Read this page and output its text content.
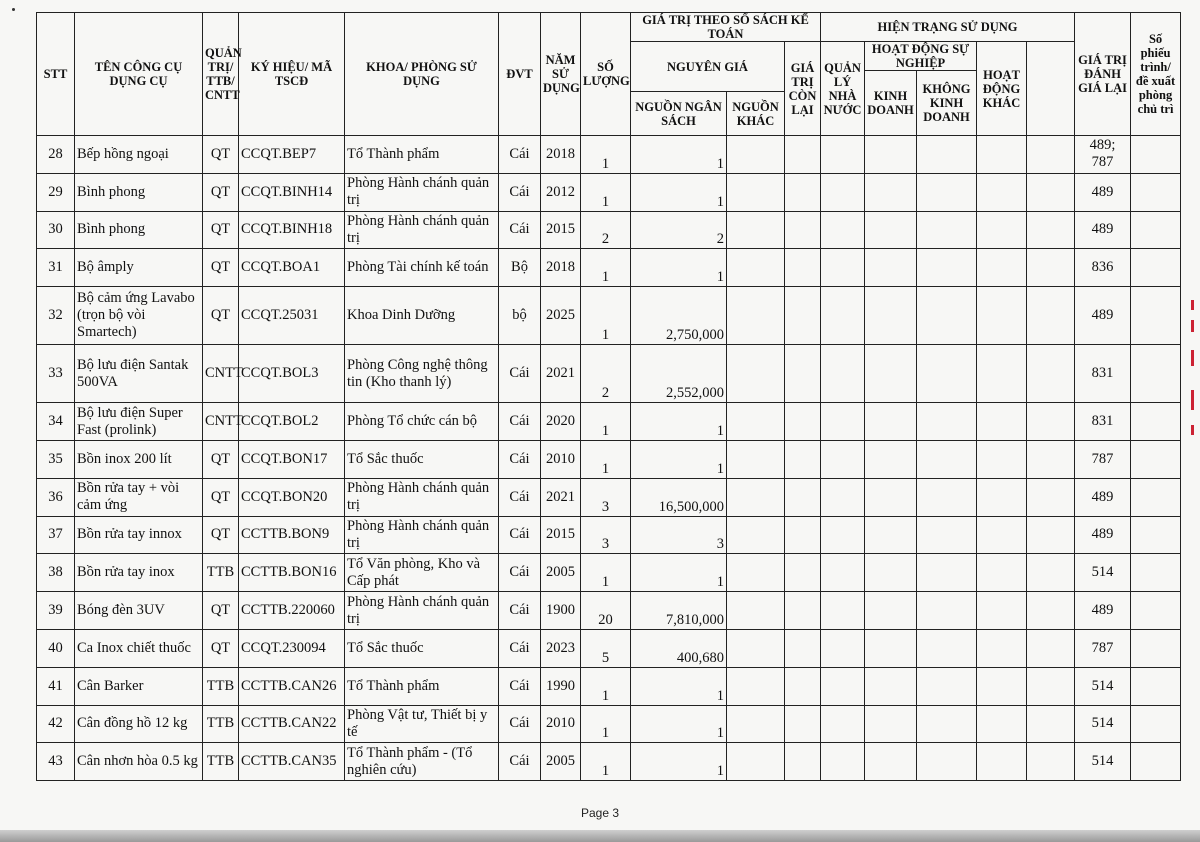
STT	TÊN CÔNG CỤ DỤNG CỤ	QUẢN TRỊ/ TTB/ CNTT	KÝ HIỆU/ MÃ TSCĐ	KHOA/ PHÒNG SỬ DỤNG	ĐVT	NĂM SỬ DỤNG	SỐ LƯỢNG	GIÁ TRỊ THEO SỔ SÁCH KẾ TOÁN			HIỆN TRẠNG SỬ DỤNG					GIÁ TRỊ ĐÁNH GIÁ LẠI	Số phiếu trình/ đề xuất phòng chủ trì	
								NGUYÊN GIÁ		GIÁ TRỊ CÒN LẠI	QUẢN LÝ NHÀ NƯỚC	HOẠT ĐỘNG SỰ NGHIỆP		HOẠT ĐỘNG KHÁC				
												KINH DOANH	KHÔNG KINH DOANH					
								NGUỒN NGÂN SÁCH	NGUỒN KHÁC									
28	Bếp hồng ngoại	QT	CCQT.BEP7	Tổ Thành phẩm	Cái	2018	1	1								489; 787		
29	Bình phong	QT	CCQT.BINH14	Phòng Hành chánh quản trị	Cái	2012	1	1								489		
30	Bình phong	QT	CCQT.BINH18	Phòng Hành chánh quản trị	Cái	2015	2	2								489		
31	Bộ âmply	QT	CCQT.BOA1	Phòng Tài chính kế toán	Bộ	2018	1	1								836		
32	Bộ cảm ứng Lavabo (trọn bộ vòi Smartech)	QT	CCQT.25031	Khoa Dinh Dưỡng	bộ	2025	1	2,750,000								489		
33	Bộ lưu điện Santak 500VA	CNTT	CCQT.BOL3	Phòng Công nghệ thông tin (Kho thanh lý)	Cái	2021	2	2,552,000								831		
34	Bộ lưu điện Super Fast (prolink)	CNTT	CCQT.BOL2	Phòng Tổ chức cán bộ	Cái	2020	1	1								831		
35	Bồn inox 200 lít	QT	CCQT.BON17	Tổ Sắc thuốc	Cái	2010	1	1								787		
36	Bồn rửa tay + vòi cảm ứng	QT	CCQT.BON20	Phòng Hành chánh quản trị	Cái	2021	3	16,500,000								489		
37	Bồn rửa tay innox	QT	CCTTB.BON9	Phòng Hành chánh quản trị	Cái	2015	3	3								489		
38	Bồn rửa tay inox	TTB	CCTTB.BON16	Tổ Văn phòng, Kho và Cấp phát	Cái	2005	1	1								514		
39	Bóng đèn 3UV	QT	CCTTB.220060	Phòng Hành chánh quản trị	Cái	1900	20	7,810,000								489		
40	Ca Inox chiết thuốc	QT	CCQT.230094	Tổ Sắc thuốc	Cái	2023	5	400,680								787		
41	Cân Barker	TTB	CCTTB.CAN26	Tổ Thành phẩm	Cái	1990	1	1								514		
42	Cân đồng hồ 12 kg	TTB	CCTTB.CAN22	Phòng Vật tư, Thiết bị y tế	Cái	2010	1	1								514		
43	Cân nhơn hòa 0.5 kg	TTB	CCTTB.CAN35	Tổ Thành phẩm - (Tổ nghiên cứu)	Cái	2005	1	1								514		
Page 3
